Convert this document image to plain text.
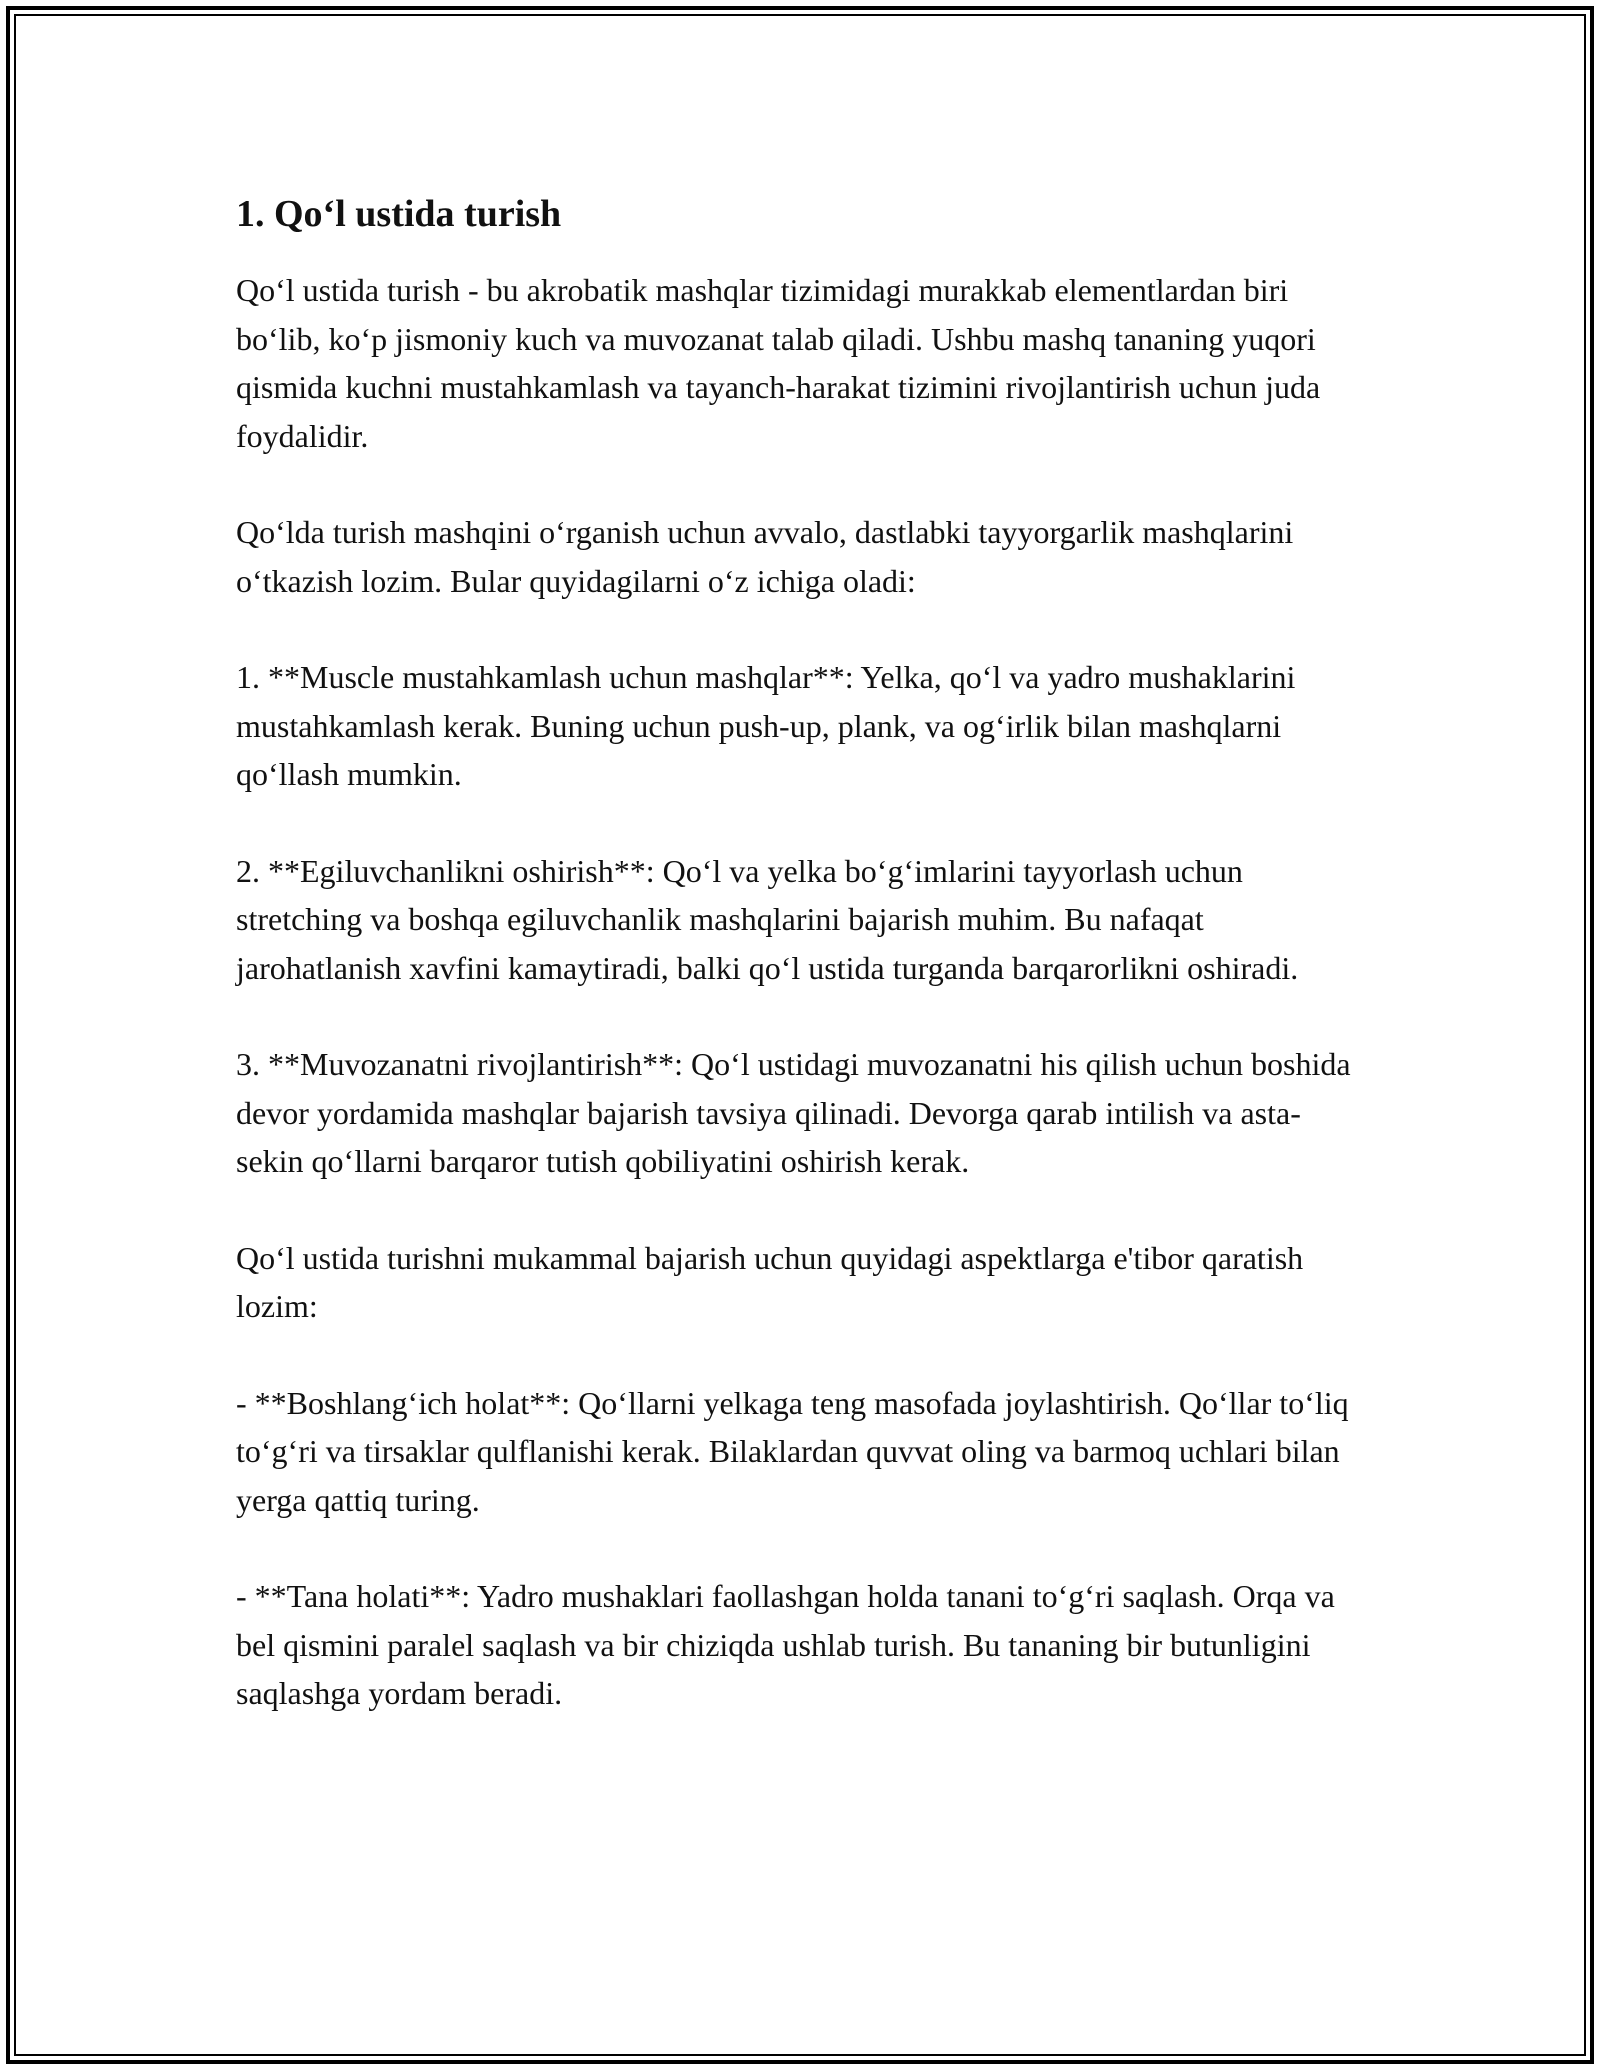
1. Qo‘l ustida turish

Qo‘l ustida turish - bu akrobatik mashqlar tizimidagi murakkab elementlardan biri bo‘lib, ko‘p jismoniy kuch va muvozanat talab qiladi. Ushbu mashq tananing yuqori qismida kuchni mustahkamlash va tayanch-harakat tizimini rivojlantirish uchun juda foydalidir.

Qo‘lda turish mashqini o‘rganish uchun avvalo, dastlabki tayyorgarlik mashqlarini o‘tkazish lozim. Bular quyidagilarni o‘z ichiga oladi:

1. **Muscle mustahkamlash uchun mashqlar**: Yelka, qo‘l va yadro mushaklarini mustahkamlash kerak. Buning uchun push-up, plank, va og‘irlik bilan mashqlarni qo‘llash mumkin.

2. **Egiluvchanlikni oshirish**: Qo‘l va yelka bo‘g‘imlarini tayyorlash uchun stretching va boshqa egiluvchanlik mashqlarini bajarish muhim. Bu nafaqat jarohatlanish xavfini kamaytiradi, balki qo‘l ustida turganda barqarorlikni oshiradi.

3. **Muvozanatni rivojlantirish**: Qo‘l ustidagi muvozanatni his qilish uchun boshida devor yordamida mashqlar bajarish tavsiya qilinadi. Devorga qarab intilish va asta-sekin qo‘llarni barqaror tutish qobiliyatini oshirish kerak.

Qo‘l ustida turishni mukammal bajarish uchun quyidagi aspektlarga e'tibor qaratish lozim:

- **Boshlang‘ich holat**: Qo‘llarni yelkaga teng masofada joylashtirish. Qo‘llar to‘liq to‘g‘ri va tirsaklar qulflanishi kerak. Bilaklardan quvvat oling va barmoq uchlari bilan yerga qattiq turing.

- **Tana holati**: Yadro mushaklari faollashgan holda tanani to‘g‘ri saqlash. Orqa va bel qismini paralel saqlash va bir chiziqda ushlab turish. Bu tananing bir butunligini saqlashga yordam beradi.
